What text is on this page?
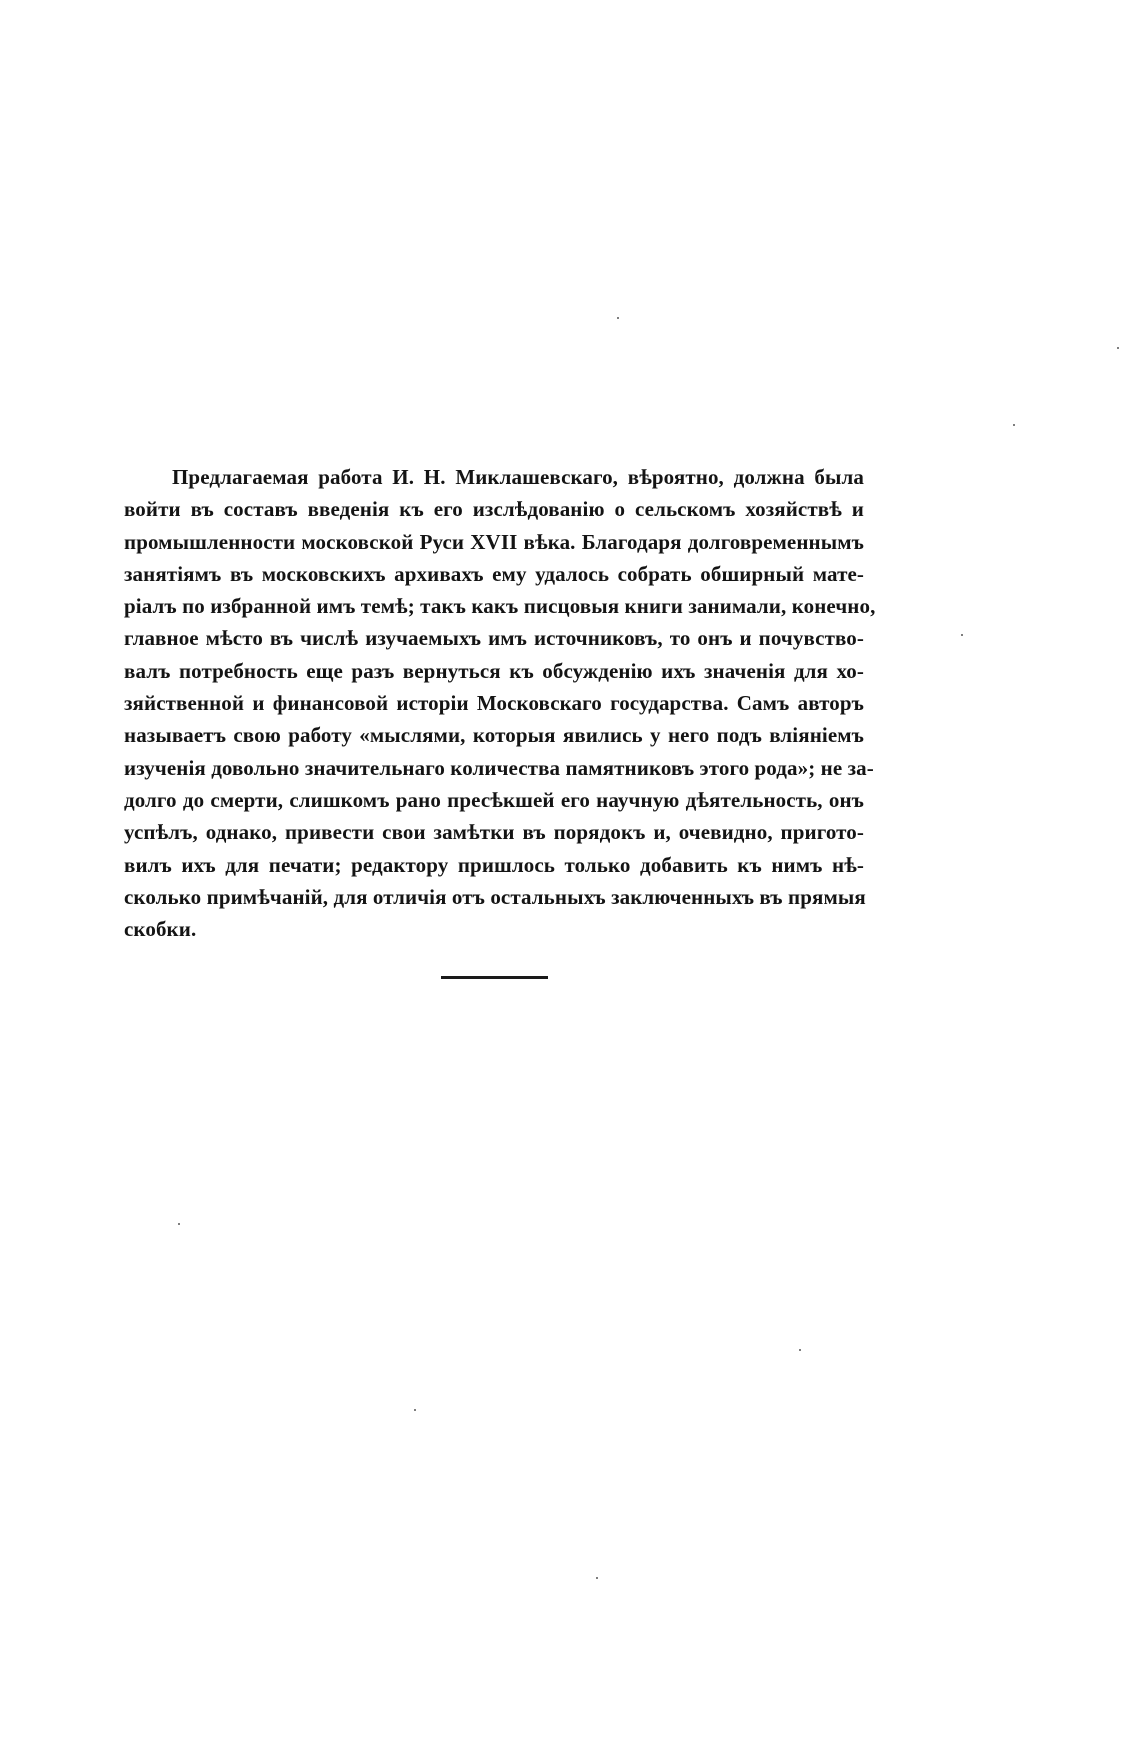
Предлагаемая работа И. Н. Миклашевскаго, вѣроятно, должна была
войти въ составъ введенія къ его изслѣдованію о сельскомъ хозяйствѣ и
промышленности московской Руси XVII вѣка. Благодаря долговременнымъ
занятіямъ въ московскихъ архивахъ ему удалось собрать обширный мате-
ріалъ по избранной имъ темѣ; такъ какъ писцовыя книги занимали, конечно,
главное мѣсто въ числѣ изучаемыхъ имъ источниковъ, то онъ и почувство-
валъ потребность еще разъ вернуться къ обсужденію ихъ значенія для хо-
зяйственной и финансовой исторіи Московскаго государства. Самъ авторъ
называетъ свою работу «мыслями, которыя явились у него подъ вліяніемъ
изученія довольно значительнаго количества памятниковъ этого рода»; не за-
долго до смерти, слишкомъ рано пресѣкшей его научную дѣятельность, онъ
успѣлъ, однако, привести свои замѣтки въ порядокъ и, очевидно, пригото-
вилъ ихъ для печати; редактору пришлось только добавить къ нимъ нѣ-
сколько примѣчаній, для отличія отъ остальныхъ заключенныхъ въ прямыя
скобки.
